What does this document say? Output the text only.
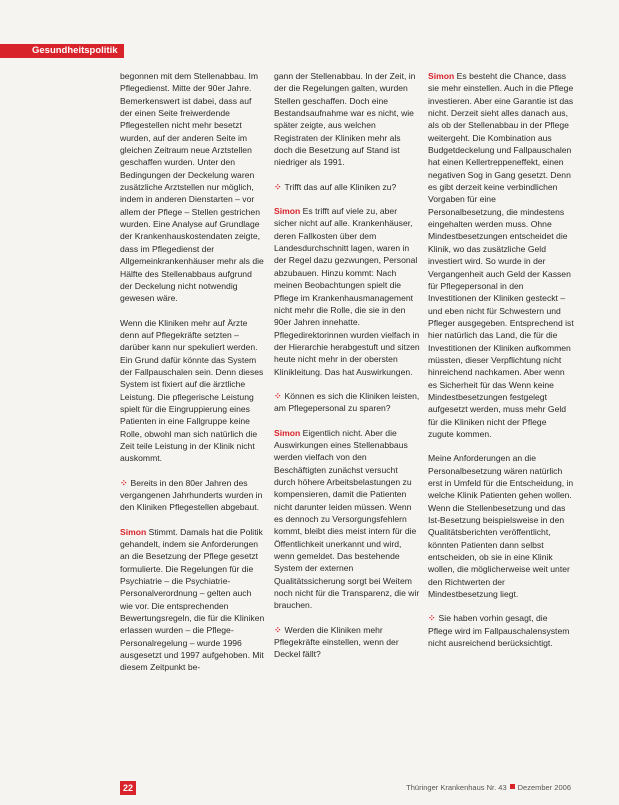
Gesundheitspolitik

begonnen mit dem Stellenabbau. Im Pflegedienst. Mitte der 90er Jahre. Bemerkenswert ist dabei, dass auf der einen Seite freiwerdende Pflegestellen nicht mehr besetzt wurden, auf der anderen Seite im gleichen Zeitraum neue Arztstellen geschaffen wurden. Unter den Bedingungen der Deckelung waren zusätzliche Arztstellen nur möglich, indem in anderen Dienstarten – vor allem der Pflege – Stellen gestrichen wurden. Eine Analyse auf Grundlage der Krankenhauskostendaten zeigte, dass im Pflegedienst der Allgemeinkrankenhäuser mehr als die Hälfte des Stellenabbaus aufgrund der Deckelung nicht notwendig gewesen wäre.

Wenn die Kliniken mehr auf Ärzte denn auf Pflegekräfte setzten – darüber kann nur spekuliert werden. Ein Grund dafür könnte das System der Fallpauschalen sein. Denn dieses System ist fixiert auf die ärztliche Leistung. Die pflegerische Leistung spielt für die Eingruppierung eines Patienten in eine Fallgruppe keine Rolle, obwohl man sich natürlich die Zeit teile Leistung in der Klinik nicht auskommt.

⁘ Bereits in den 80er Jahren des vergangenen Jahrhunderts wurden in den Kliniken Pflegestellen abgebaut.

Simon Stimmt. Damals hat die Politik gehandelt, indem sie Anforderungen an die Besetzung der Pflege gesetzt formulierte. Die Regelungen für die Psychiatrie – die Psychiatrie-Personalverordnung – gelten auch wie vor. Die entsprechenden Bewertungsregeln, die für die Kliniken erlassen wurden – die Pflege-Personalregelung – wurde 1996 ausgesetzt und 1997 aufgehoben. Mit diesem Zeitpunkt be-

gann der Stellenabbau. In der Zeit, in der die Regelungen galten, wurden Stellen geschaffen. Doch eine Bestandsaufnahme war es nicht, wie später zeigte, aus welchen Registraten der Kliniken mehr als doch die Besetzung auf Stand ist niedriger als 1991.

⁘ Trifft das auf alle Kliniken zu?

Simon Es trifft auf viele zu, aber sicher nicht auf alle. Krankenhäuser, deren Fallkosten über dem Landesdurchschnitt lagen, waren in der Regel dazu gezwungen, Personal abzubauen. Hinzu kommt: Nach meinen Beobachtungen spielt die Pflege im Krankenhausmanagement nicht mehr die Rolle, die sie in den 90er Jahren innehatte. Pflegedirektorinnen wurden vielfach in der Hierarchie herabgestuft und sitzen heute nicht mehr in der obersten Klinikleitung. Das hat Auswirkungen.

⁘ Können es sich die Kliniken leisten, am Pflegepersonal zu sparen?

Simon Eigentlich nicht. Aber die Auswirkungen eines Stellenabbaus werden vielfach von den Beschäftigten zunächst versucht durch höhere Arbeitsbelastungen zu kompensieren, damit die Patienten nicht darunter leiden müssen. Wenn es dennoch zu Versorgungsfehlern kommt, bleibt dies meist intern für die Öffentlichkeit unerkannt und wird, wenn gemeldet. Das bestehende System der externen Qualitätssicherung sorgt bei Weitem noch nicht für die Transparenz, die wir brauchen.

⁘ Werden die Kliniken mehr Pflegekräfte einstellen, wenn der Deckel fällt?

Simon Es besteht die Chance, dass sie mehr einstellen. Auch in die Pflege investieren. Aber eine Garantie ist das nicht. Derzeit sieht alles danach aus, als ob der Stellenabbau in der Pflege weitergeht. Die Kombination aus Budgetdeckelung und Fallpauschalen hat einen Kellertreppeneffekt, einen negativen Sog in Gang gesetzt. Denn es gibt derzeit keine verbindlichen Vorgaben für eine Personalbesetzung, die mindestens eingehalten werden muss. Ohne Mindestbesetzungen entscheidet die Klinik, wo das zusätzliche Geld investiert wird. So wurde in der Vergangenheit auch Geld der Kassen für Pflegepersonal in den Investitionen der Kliniken gesteckt – und eben nicht für Schwestern und Pfleger ausgegeben. Entsprechend ist hier natürlich das Land, die für die Investitionen der Kliniken aufkommen müssten, dieser Verpflichtung nicht hinreichend nachkamen. Aber wenn es Sicherheit für das Wenn keine Mindestbesetzungen festgelegt aufgesetzt werden, muss mehr Geld für die Kliniken nicht der Pflege zugute kommen.

Meine Anforderungen an die Personalbesetzung wären natürlich erst in Umfeld für die Entscheidung, in welche Klinik Patienten gehen wollen. Wenn die Stellenbesetzung und das Ist-Besetzung beispielsweise in den Qualitätsberichten veröffentlicht, könnten Patienten dann selbst entscheiden, ob sie in eine Klinik wollen, die möglicherweise weit unter den Richtwerten der Mindestbesetzung liegt.

⁘ Sie haben vorhin gesagt, die Pflege wird im Fallpauschalensystem nicht ausreichend berücksichtigt.

22	Thüringer Krankenhaus Nr. 43 Dezember 2006
